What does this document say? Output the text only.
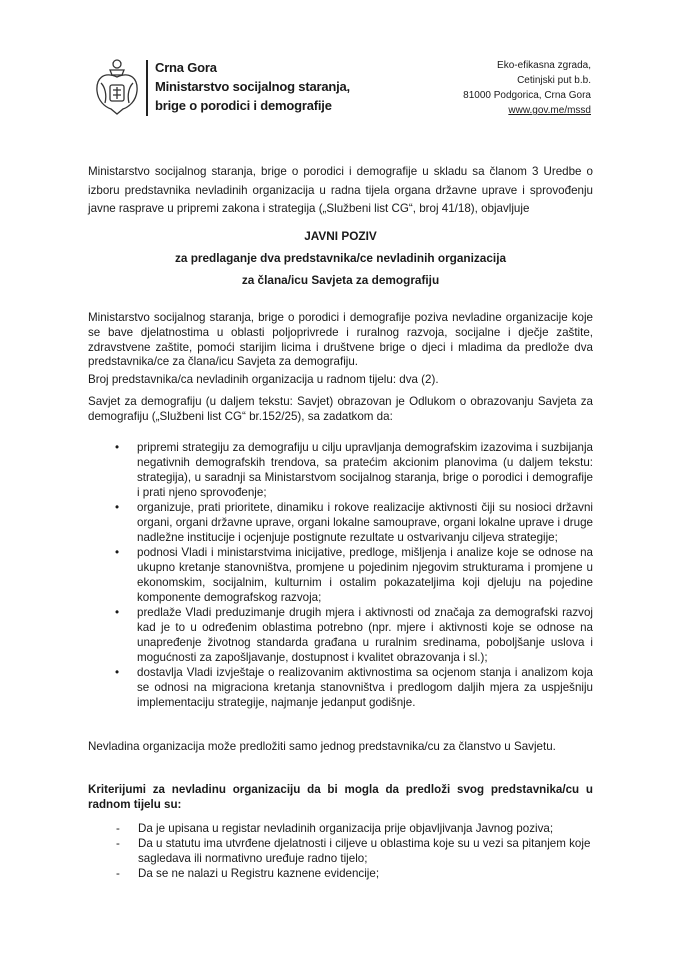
Crna Gora
Ministarstvo socijalnog staranja,
brige o porodici i demografije
Eko-efikasna zgrada,
Cetinjski put b.b.
81000 Podgorica, Crna Gora
www.gov.me/mssd
Ministarstvo socijalnog staranja, brige o porodici i demografije u skladu sa članom 3 Uredbe o izboru predstavnika nevladinih organizacija u radna tijela organa državne uprave i sprovođenju javne rasprave u pripremi zakona i strategija („Službeni list CG“, broj 41/18), objavljuje
JAVNI POZIV
za predlaganje dva predstavnika/ce nevladinih organizacija
za člana/icu Savjeta za demografiju
Ministarstvo socijalnog staranja, brige o porodici i demografije poziva nevladine organizacije koje se bave djelatnostima u oblasti poljoprivrede i ruralnog razvoja, socijalne i dječje zaštite, zdravstvene zaštite, pomoći starijim licima i društvene brige o djeci i mladima da predlože dva predstavnika/ce za člana/icu Savjeta za demografiju.
Broj predstavnika/ca nevladinih organizacija u radnom tijelu: dva (2).
Savjet za demografiju (u daljem tekstu: Savjet) obrazovan je Odlukom o obrazovanju Savjeta za demografiju („Službeni list CG“ br.152/25), sa zadatkom da:
• pripremi strategiju za demografiju u cilju upravljanja demografskim izazovima i suzbijanja negativnih demografskih trendova, sa pratećim akcionim planovima (u daljem tekstu: strategija), u saradnji sa Ministarstvom socijalnog staranja, brige o porodici i demografije i prati njeno sprovođenje;
• organizuje, prati prioritete, dinamiku i rokove realizacije aktivnosti čiji su nosioci državni organi, organi državne uprave, organi lokalne samouprave, organi lokalne uprave i druge nadležne institucije i ocjenjuje postignute rezultate u ostvarivanju ciljeva strategije;
• podnosi Vladi i ministarstvima inicijative, predloge, mišljenja i analize koje se odnose na ukupno kretanje stanovništva, promjene u pojedinim njegovim strukturama i promjene u ekonomskim, socijalnim, kulturnim i ostalim pokazateljima koji djeluju na pojedine komponente demografskog razvoja;
• predlaže Vladi preduzimanje drugih mjera i aktivnosti od značaja za demografski razvoj kad je to u određenim oblastima potrebno (npr. mjere i aktivnosti koje se odnose na unapređenje životnog standarda građana u ruralnim sredinama, poboljšanje uslova i mogućnosti za zapošljavanje, dostupnost i kvalitet obrazovanja i sl.);
• dostavlja Vladi izvještaje o realizovanim aktivnostima sa ocjenom stanja i analizom koja se odnosi na migraciona kretanja stanovništva i predlogom daljih mjera za uspješniju implementaciju strategije, najmanje jedanput godišnje.
Nevladina organizacija može predložiti samo jednog predstavnika/cu za članstvo u Savjetu.
Kriterijumi za nevladinu organizaciju da bi mogla da predloži svog predstavnika/cu u radnom tijelu su:
- Da je upisana u registar nevladinih organizacija prije objavljivanja Javnog poziva;
- Da u statutu ima utvrđene djelatnosti i ciljeve u oblastima koje su u vezi sa pitanjem koje sagledava ili normativno uređuje radno tijelo;
- Da se ne nalazi u Registru kaznene evidencije;
